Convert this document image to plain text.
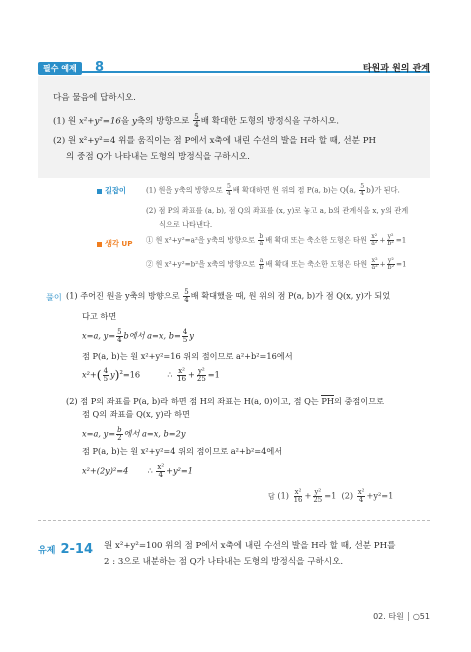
필수 예제	8	타원과 원의 관계
다음 물음에 답하시오.
(1) 원 x²+y²=16을 y축의 방향으로 $\frac{5}{4}$ 배 확대한 도형의 방정식을 구하시오.
(2) 원 x²+y²=4 위를 움직이는 점 P에서 x축에 내린 수선의 발을 H라 할 때, 선분 PH
의 중점 Q가 나타내는 도형의 방정식을 구하시오.
길잡이	(1) 원을 y축의 방향으로 $\frac{5}{4}$ 배 확대하면 원 위의 점 P(a, b)는 Q(a, $\frac{5}{4} b$)가 된다.
(2) 점 P의 좌표를 (a, b), 점 Q의 좌표를 (x, y)로 놓고 a, b의 관계식을 x, y의 관계
식으로 나타낸다.
생각 UP ① 원 x²+y²=a²을 y축의 방향으로 $\frac{b}{a}$ 배 확대 또는 축소한 도형은 타원 $\frac{\text{x²}}{\text{a²}} + \frac{\text{y²}}{\text{b²}} =1$
② 원 x²+y²=b²을 x축의 방향으로 $\frac{a}{b}$ 배 확대 또는 축소한 도형은 타원 $\frac{\text{x²}}{\text{a²}} + \frac{\text{y²}}{\text{b²}} =1$
풀이 (1) 주어진 원을 y축의 방향으로 $\frac{5}{4}$ 배 확대했을 때, 원 위의 점 P(a, b)가 점 Q(x, y)가 되었
다고 하면
x=a, $y= \frac{5}{4}$ b에서 a=x, $b= \frac{4}{5}$ y
점 P(a, b)는 원 x²+y²=16 위의 점이므로 a²+b²=16에서
$x^2+( \frac{4}{5} y)^2=16$	∴ $\frac{\text{x²}}{16} + \frac{\text{y²}}{25} =1$
(2) 점 P의 좌표를 P(a, b)라 하면 점 H의 좌표는 H(a, 0)이고, 점 Q는 PH의 중점이므로
점 Q의 좌표를 Q(x, y)라 하면
x=a, $y= \frac{b}{2}$ 에서 a=x, b=2y
점 P(a, b)는 원 x²+y²=4 위의 점이므로 a²+b²=4에서
x²+(2y)²=4 ∴ $\frac{\text{x²}}{4} +y^2=1$
답 $(1) \frac{\text{x²}}{16} + \frac{\text{y²}}{25} =1$ $(2) \frac{\text{x²}}{4} +y^2=1$
유제 2-14 원 x²+y²=100 위의 점 P에서 x축에 내린 수선의 발을 H라 할 때, 선분 PH를
2 : 3으로 내분하는 점 Q가 나타내는 도형의 방정식을 구하시오.
02. 타원 ○51
